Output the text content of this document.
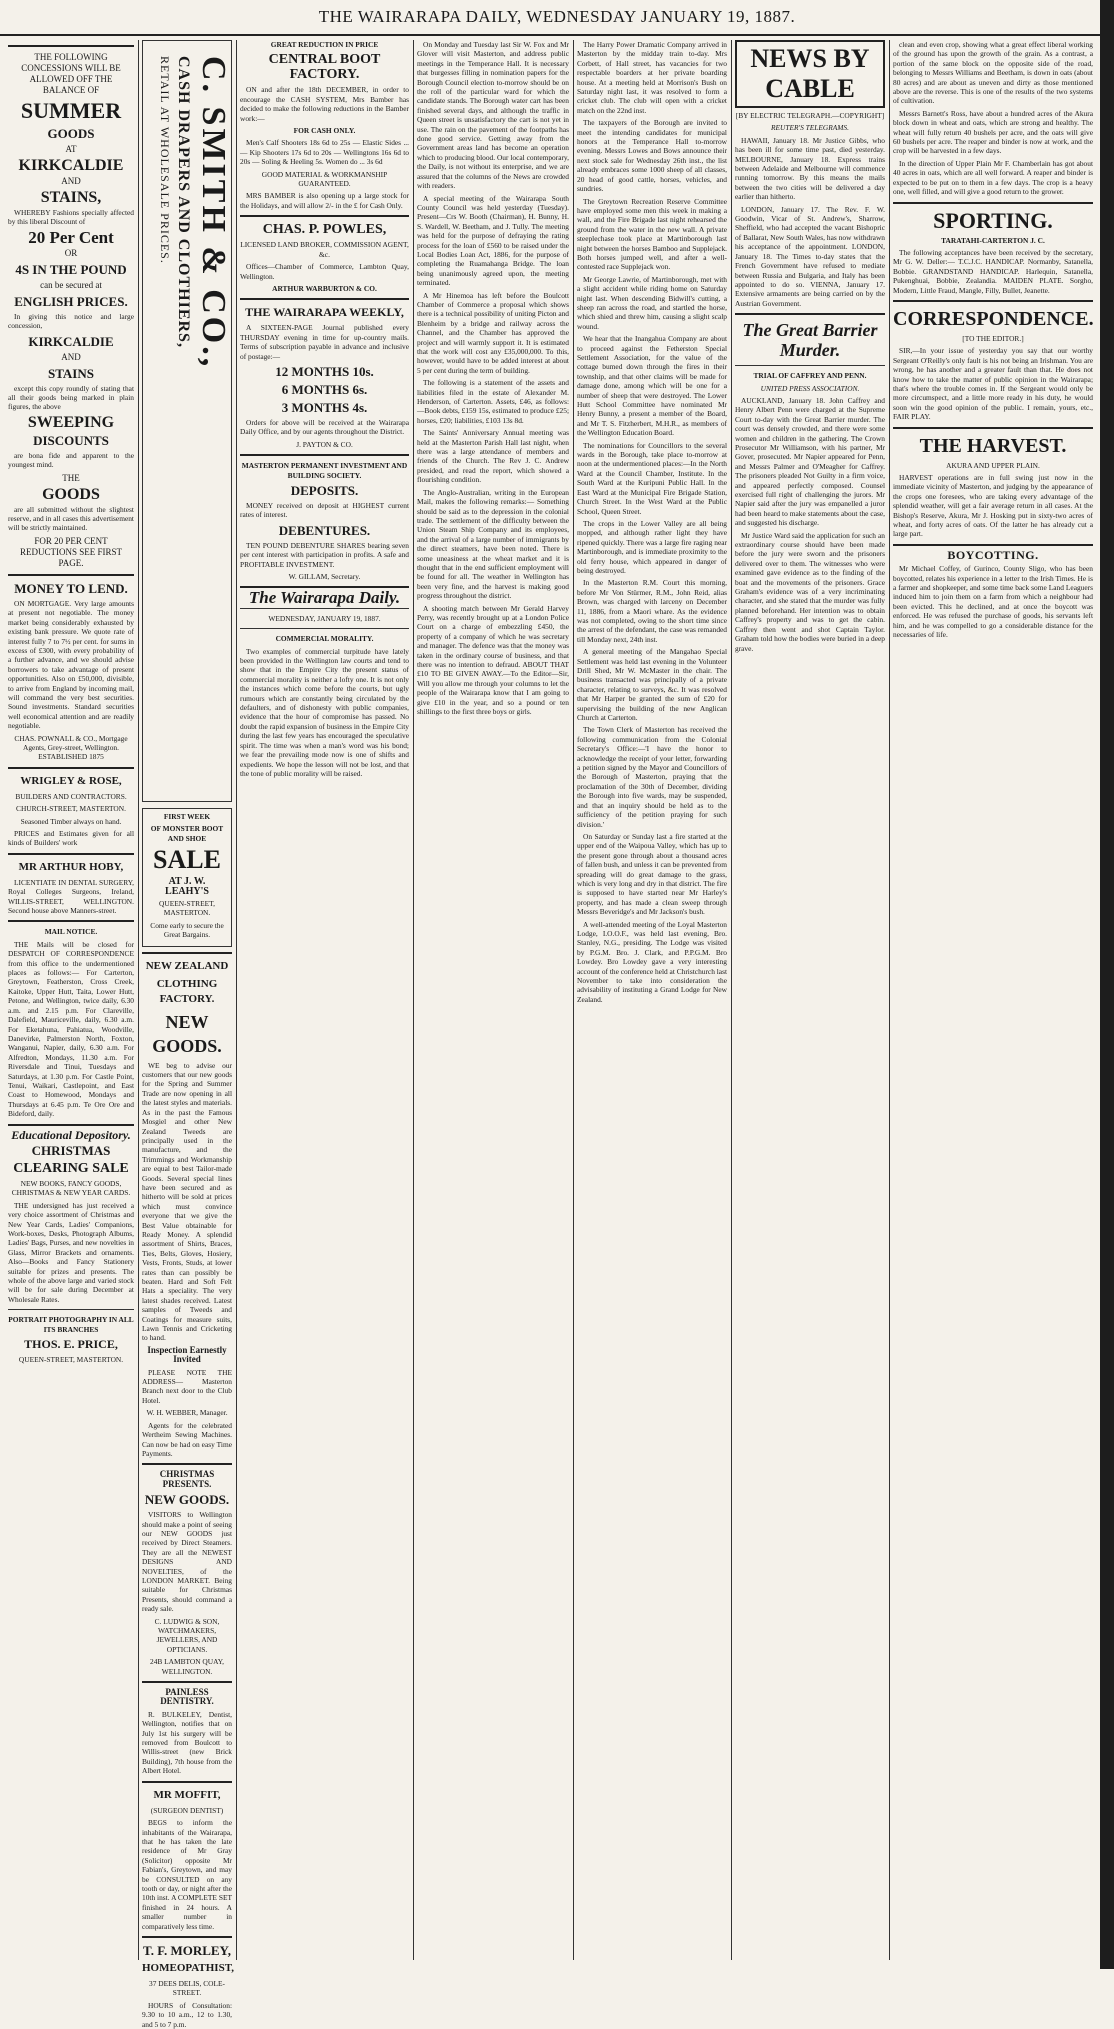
THE WAIRARAPA DAILY, WEDNESDAY JANUARY 19, 1887.

THE FOLLOWING CONCESSIONS WILL BE ALLOWED OFF THE BALANCE OF

SUMMER

GOODS

AT

KIRKCALDIE

AND

STAINS,

WHEREBY Fashions specially affected by this liberal Discount of

20 Per Cent

OR

4S IN THE POUND

can be secured at

ENGLISH PRICES.

In giving this notice and large concession,

KIRKCALDIE

AND

STAINS

except this copy roundly of stating that all their goods being marked in plain figures, the above

SWEEPING

DISCOUNTS

are bona fide and apparent to the youngest mind.

THE

GOODS

are all submitted without the slightest reserve, and in all cases this advertisement will be strictly maintained.

FOR 20 PER CENT REDUCTIONS SEE FIRST PAGE.

MONEY TO LEND.

ON MORTGAGE. Very large amounts at present not negotiable. The money market being considerably exhausted by existing bank pressure. We quote rate of interest fully 7 to 7½ per cent. for sums in excess of £300, with every probability of a further advance, and we should advise borrowers to take advantage of present opportunities. Also on £50,000, divisible, to arrive from England by incoming mail, will command the very best securities. Sound investments. Standard securities well economical attention and are readily negotiable.

CHAS. POWNALL & CO., Mortgage Agents, Grey-street, Wellington. ESTABLISHED 1875

WRIGLEY & ROSE,

BUILDERS AND CONTRACTORS.

CHURCH-STREET, MASTERTON.

Seasoned Timber always on hand.

PRICES and Estimates given for all kinds of Builders' work

MR ARTHUR HOBY,

LICENTIATE IN DENTAL SURGERY, Royal Colleges Surgeons, Ireland, WILLIS-STREET, WELLINGTON. Second house above Manners-street.

MAIL NOTICE.

THE Mails will be closed for DESPATCH OF CORRESPONDENCE from this office to the undermentioned places as follows:— For Carterton, Greytown, Featherston, Cross Creek, Kaitoke, Upper Hutt, Taita, Lower Hutt, Petone, and Wellington, twice daily, 6.30 a.m. and 2.15 p.m. For Clareville, Dalefield, Mauriceville, daily, 6.30 a.m. For Eketahuna, Pahiatua, Woodville, Danevirke, Palmerston North, Foxton, Wanganui, Napier, daily, 6.30 a.m. For Alfredton, Mondays, 11.30 a.m. For Riversdale and Tinui, Tuesdays and Saturdays, at 1.30 p.m. For Castle Point, Tenui, Waikari, Castlepoint, and East Coast to Homewood, Mondays and Thursdays at 6.45 p.m. Te Ore Ore and Bideford, daily.

Educational Depository.

CHRISTMAS

CLEARING SALE

NEW BOOKS, FANCY GOODS, CHRISTMAS & NEW YEAR CARDS.

THE undersigned has just received a very choice assortment of Christmas and New Year Cards, Ladies' Companions, Work-boxes, Desks, Photograph Albums, Ladies' Bags, Purses, and new novelties in Glass, Mirror Brackets and ornaments. Also—Books and Fancy Stationery suitable for prizes and presents. The whole of the above large and varied stock will be for sale during December at Wholesale Rates.

PORTRAIT PHOTOGRAPHY IN ALL ITS BRANCHES

THOS. E. PRICE,

QUEEN-STREET, MASTERTON.

C. SMITH & CO.,
CASH DRAPERS AND CLOTHIERS,
RETAIL AT WHOLESALE PRICES.

FIRST WEEK

OF MONSTER BOOT AND SHOE

SALE

AT J. W. LEAHY'S

QUEEN-STREET, MASTERTON.

Come early to secure the Great Bargains.

NEW ZEALAND

CLOTHING FACTORY.

NEW GOODS.

WE beg to advise our customers that our new goods for the Spring and Summer Trade are now opening in all the latest styles and materials. As in the past the Famous Mosgiel and other New Zealand Tweeds are principally used in the manufacture, and the Trimmings and Workmanship are equal to best Tailor-made Goods. Several special lines have been secured and as hitherto will be sold at prices which must convince everyone that we give the Best Value obtainable for Ready Money. A splendid assortment of Shirts, Braces, Ties, Belts, Gloves, Hosiery, Vests, Fronts, Studs, at lower rates than can possibly be beaten. Hard and Soft Felt Hats a speciality. The very latest shades received. Latest samples of Tweeds and Coatings for measure suits, Lawn Tennis and Cricketing to hand.

Inspection Earnestly Invited

PLEASE NOTE THE ADDRESS— Masterton Branch next door to the Club Hotel.

W. H. WEBBER, Manager.

Agents for the celebrated Wertheim Sewing Machines. Can now be had on easy Time Payments.

CHRISTMAS PRESENTS.

NEW GOODS.

VISITORS to Wellington should make a point of seeing our NEW GOODS just received by Direct Steamers. They are all the NEWEST DESIGNS AND NOVELTIES, of the LONDON MARKET. Being suitable for Christmas Presents, should command a ready sale.

C. LUDWIG & SON, WATCHMAKERS, JEWELLERS, AND OPTICIANS.

24B LAMBTON QUAY, WELLINGTON.

PAINLESS DENTISTRY.

R. BULKELEY, Dentist, Wellington, notifies that on July 1st his surgery will be removed from Boulcott to Willis-street (new Brick Building), 7th house from the Albert Hotel.

MR MOFFIT,

(SURGEON DENTIST)

BEGS to inform the inhabitants of the Wairarapa, that he has taken the late residence of Mr Gray (Solicitor) opposite Mr Fabian's, Greytown, and may be CONSULTED on any tooth or day, or night after the 10th inst. A COMPLETE SET finished in 24 hours. A smaller number in comparatively less time.

T. F. MORLEY,

HOMEOPATHIST,

37 DEES DELIS, COLE-STREET.

HOURS of Consultation: 9.30 to 10 a.m., 12 to 1.30, and 5 to 7 p.m.

GREAT REDUCTION IN PRICE

CENTRAL BOOT FACTORY.

ON and after the 18th DECEMBER, in order to encourage the CASH SYSTEM, Mrs Bamber has decided to make the following reductions in the Bamber work:—

FOR CASH ONLY.

Men's Calf Shooters 18s 6d to 25s — Elastic Sides ... — Kip Shooters 17s 6d to 20s — Wellingtons 16s 6d to 20s — Soling & Heeling 5s. Women do ... 3s 6d

GOOD MATERIAL & WORKMANSHIP GUARANTEED.

MRS BAMBER is also opening up a large stock for the Holidays, and will allow 2/- in the £ for Cash Only.

CHAS. P. POWLES,

LICENSED LAND BROKER, COMMISSION AGENT, &c.

Offices—Chamber of Commerce, Lambton Quay, Wellington.

ARTHUR WARBURTON & CO.

THE WAIRARAPA WEEKLY,

A SIXTEEN-PAGE Journal published every THURSDAY evening in time for up-country mails. Terms of subscription payable in advance and inclusive of postage:—

12 MONTHS 10s.

6 MONTHS 6s.

3 MONTHS 4s.

Orders for above will be received at the Wairarapa Daily Office, and by our agents throughout the District.

J. PAYTON & CO.

MASTERTON PERMANENT INVESTMENT AND BUILDING SOCIETY.

DEPOSITS.

MONEY received on deposit at HIGHEST current rates of interest.

DEBENTURES.

TEN POUND DEBENTURE SHARES bearing seven per cent interest with participation in profits. A safe and PROFITABLE INVESTMENT.

W. GILLAM, Secretary.

The Wairarapa Daily.

WEDNESDAY, JANUARY 19, 1887.

COMMERCIAL MORALITY.

Two examples of commercial turpitude have lately been provided in the Wellington law courts and tend to show that in the Empire City the present status of commercial morality is neither a lofty one. It is not only the instances which come before the courts, but ugly rumours which are constantly being circulated by the defaulters, and of dishonesty with public companies, evidence that the hour of compromise has passed. No doubt the rapid expansion of business in the Empire City during the last few years has encouraged the speculative spirit. The time was when a man's word was his bond; we fear the prevailing mode now is one of shifts and expedients. We hope the lesson will not be lost, and that the tone of public morality will be raised.

On Monday and Tuesday last Sir W. Fox and Mr Glover will visit Masterton, and address public meetings in the Temperance Hall. It is necessary that burgesses filling in nomination papers for the Borough Council election to-morrow should be on the roll of the particular ward for which the candidate stands. The Borough water cart has been finished several days, and although the traffic in Queen street is unsatisfactory the cart is not yet in use. The rain on the pavement of the footpaths has done good service. Getting away from the Government areas land has become an operation which to producing blood. Our local contemporary, the Daily, is not without its enterprise, and we are assured that the columns of the News are crowded with readers.

A special meeting of the Wairarapa South County Council was held yesterday (Tuesday). Present—Crs W. Booth (Chairman), H. Bunny, H. S. Wardell, W. Beetham, and J. Tully. The meeting was held for the purpose of defraying the rating process for the loan of £560 to be raised under the Local Bodies Loan Act, 1886, for the purpose of completing the Ruamahanga Bridge. The loan being unanimously agreed upon, the meeting terminated.

A Mr Hinemoa has left before the Boulcott Chamber of Commerce a proposal which shows there is a technical possibility of uniting Picton and Blenheim by a bridge and railway across the Channel, and the Chamber has approved the project and will warmly support it. It is estimated that the work will cost any £35,000,000. To this, however, would have to be added interest at about 5 per cent during the term of building.

The following is a statement of the assets and liabilities filed in the estate of Alexander M. Henderson, of Carterton. Assets, £46, as follows:—Book debts, £159 15s, estimated to produce £25; horses, £20; liabilities, £103 13s 8d.

The Saints' Anniversary Annual meeting was held at the Masterton Parish Hall last night, when there was a large attendance of members and friends of the Church. The Rev J. C. Andrew presided, and read the report, which showed a flourishing condition.

The Anglo-Australian, writing in the European Mail, makes the following remarks:— Something should be said as to the depression in the colonial trade. The settlement of the difficulty between the Union Steam Ship Company and its employees, and the arrival of a large number of immigrants by the direct steamers, have been noted. There is some uneasiness at the wheat market and it is thought that in the end sufficient employment will be found for all. The weather in Wellington has been very fine, and the harvest is making good progress throughout the district.

A shooting match between Mr Gerald Harvey Perry, was recently brought up at a London Police Court on a charge of embezzling £450, the property of a company of which he was secretary and manager. The defence was that the money was taken in the ordinary course of business, and that there was no intention to defraud. ABOUT THAT £10 TO BE GIVEN AWAY.—To the Editor—Sir, Will you allow me through your columns to let the people of the Wairarapa know that I am going to give £10 in the year, and so a pound or ten shillings to the first three boys or girls.

The Harry Power Dramatic Company arrived in Masterton by the midday train to-day. Mrs Corbett, of Hall street, has vacancies for two respectable boarders at her private boarding house. At a meeting held at Morrison's Bush on Saturday night last, it was resolved to form a cricket club. The club will open with a cricket match on the 22nd inst.

The taxpayers of the Borough are invited to meet the intending candidates for municipal honors at the Temperance Hall to-morrow evening. Messrs Lowes and Bows announce their next stock sale for Wednesday 26th inst., the list already embraces some 1000 sheep of all classes, 20 head of good cattle, horses, vehicles, and sundries.

The Greytown Recreation Reserve Committee have employed some men this week in making a wall, and the Fire Brigade last night rehearsed the ground from the water in the new wall. A private steeplechase took place at Martinborough last night between the horses Bamboo and Supplejack. Both horses jumped well, and after a well-contested race Supplejack won.

Mr George Lawrie, of Martinborough, met with a slight accident while riding home on Saturday night last. When descending Bidwill's cutting, a sheep ran across the road, and startled the horse, which shied and threw him, causing a slight scalp wound.

We hear that the Inangahua Company are about to proceed against the Fetherston Special Settlement Association, for the value of the cottage bumed down through the fires in their township, and that other claims will be made for damage done, among which will be one for a number of sheep that were destroyed. The Lower Hutt School Committee have nominated Mr Henry Bunny, a present a member of the Board, and Mr T. S. Fitzherbert, M.H.R., as members of the Wellington Education Board.

The nominations for Councillors to the several wards in the Borough, take place to-morrow at noon at the undermentioned places:—In the North Ward at the Council Chamber, Institute. In the South Ward at the Kuripuni Public Hall. In the East Ward at the Municipal Fire Brigade Station, Church Street. In the West Ward at the Public School, Queen Street.

The crops in the Lower Valley are all being mopped, and although rather light they have ripened quickly. There was a large fire raging near Martinborough, and is immediate proximity to the old ferry house, which appeared in danger of being destroyed.

In the Masterton R.M. Court this morning, before Mr Von Stürmer, R.M., John Reid, alias Brown, was charged with larceny on December 11, 1886, from a Maori whare. As the evidence was not completed, owing to the short time since the arrest of the defendant, the case was remanded till Monday next, 24th inst.

A general meeting of the Mangahao Special Settlement was held last evening in the Volunteer Drill Shed, Mr W. McMaster in the chair. The business transacted was principally of a private character, relating to surveys, &c. It was resolved that Mr Harper be granted the sum of £20 for supervising the building of the new Anglican Church at Carterton.

The Town Clerk of Masterton has received the following communication from the Colonial Secretary's Office:—'I have the honor to acknowledge the receipt of your letter, forwarding a petition signed by the Mayor and Councillors of the Borough of Masterton, praying that the proclamation of the 30th of December, dividing the Borough into five wards, may be suspended, and that an inquiry should be held as to the sufficiency of the petition praying for such division.'

On Saturday or Sunday last a fire started at the upper end of the Waipoua Valley, which has up to the present gone through about a thousand acres of fallen bush, and unless it can be prevented from spreading will do great damage to the grass, which is very long and dry in that district. The fire is supposed to have started near Mr Harley's property, and has made a clean sweep through Messrs Beveridge's and Mr Jackson's bush.

A well-attended meeting of the Loyal Masterton Lodge, I.O.O.F., was held last evening, Bro. Stanley, N.G., presiding. The Lodge was visited by P.G.M. Bro. J. Clark, and P.P.G.M. Bro Lowdey. Bro Lowdey gave a very interesting account of the conference held at Christchurch last November to take into consideration the advisability of instituting a Grand Lodge for New Zealand.

NEWS BY CABLE

[BY ELECTRIC TELEGRAPH.—COPYRIGHT]

REUTER'S TELEGRAMS.

HAWAII, January 18. Mr Justice Gibbs, who has been ill for some time past, died yesterday. MELBOURNE, January 18. Express trains between Adelaide and Melbourne will commence running tomorrow. By this means the mails between the two cities will be delivered a day earlier than hitherto.

LONDON, January 17. The Rev. F. W. Goodwin, Vicar of St. Andrew's, Sharrow, Sheffield, who had accepted the vacant Bishopric of Ballarat, New South Wales, has now withdrawn his acceptance of the appointment. LONDON, January 18. The Times to-day states that the French Government have refused to mediate between Russia and Bulgaria, and Italy has been appointed to do so. VIENNA, January 17. Extensive armaments are being carried on by the Austrian Government.

The Great Barrier Murder.

TRIAL OF CAFFREY AND PENN.

UNITED PRESS ASSOCIATION.

AUCKLAND, January 18. John Caffrey and Henry Albert Penn were charged at the Supreme Court to-day with the Great Barrier murder. The court was densely crowded, and there were some women and children in the gathering. The Crown Prosecutor Mr Williamson, with his partner, Mr Gover, prosecuted. Mr Napier appeared for Penn, and Messrs Palmer and O'Meagher for Caffrey. The prisoners pleaded Not Guilty in a firm voice, and appeared perfectly composed. Counsel exercised full right of challenging the jurors. Mr Napier said after the jury was empanelled a juror had been heard to make statements about the case, and suggested his discharge.

Mr Justice Ward said the application for such an extraordinary course should have been made before the jury were sworn and the prisoners delivered over to them. The witnesses who were examined gave evidence as to the finding of the boat and the movements of the prisoners. Grace Graham's evidence was of a very incriminating character, and she stated that the murder was fully planned beforehand. Her intention was to obtain Caffrey's property and was to get the cabin. Caffrey then went and shot Captain Taylor. Graham told how the bodies were buried in a deep grave.

clean and even crop, showing what a great effect liberal working of the ground has upon the growth of the grain. As a contrast, a portion of the same block on the opposite side of the road, belonging to Messrs Williams and Beetham, is down in oats (about 80 acres) and are about as uneven and dirty as those mentioned above are the reverse. This is one of the results of the two systems of cultivation.

Messrs Barnett's Ross, have about a hundred acres of the Akura block down in wheat and oats, which are strong and healthy. The wheat will fully return 40 bushels per acre, and the oats will give 60 bushels per acre. The reaper and binder is now at work, and the crop will be harvested in a few days.

In the direction of Upper Plain Mr F. Chamberlain has got about 40 acres in oats, which are all well forward. A reaper and binder is expected to be put on to them in a few days. The crop is a heavy one, well filled, and will give a good return to the grower.

SPORTING.

TARATAHI-CARTERTON J. C.

The following acceptances have been received by the secretary, Mr G. W. Deller:— T.C.J.C. HANDICAP. Normanby, Satanella, Bobbie. GRANDSTAND HANDICAP. Harlequin, Satanella, Pukenghuai, Bobbie, Zealandia. MAIDEN PLATE. Sorgho, Modern, Little Fraud, Mangle, Filly, Bullet, Jeanette.

CORRESPONDENCE.

[TO THE EDITOR.]

SIR,—In your issue of yesterday you say that our worthy Sergeant O'Reilly's only fault is his not being an Irishman. You are wrong, he has another and a greater fault than that. He does not know how to take the matter of public opinion in the Wairarapa; that's where the trouble comes in. If the Sergeant would only be more circumspect, and a little more ready in his duty, he would soon win the good opinion of the public. I remain, yours, etc., FAIR PLAY.

THE HARVEST.

AKURA AND UPPER PLAIN.

HARVEST operations are in full swing just now in the immediate vicinity of Masterton, and judging by the appearance of the crops one foresees, who are taking every advantage of the splendid weather, will get a fair average return in all cases. At the Bishop's Reserve, Akura, Mr J. Hosking put in sixty-two acres of wheat, and forty acres of oats. Of the latter he has already cut a large part.

BOYCOTTING.

Mr Michael Coffey, of Gurinco, County Sligo, who has been boycotted, relates his experience in a letter to the Irish Times. He is a farmer and shopkeeper, and some time back some Land Leaguers induced him to join them on a farm from which a neighbour had been evicted. This he declined, and at once the boycott was enforced. He was refused the purchase of goods, his servants left him, and he was compelled to go a considerable distance for the necessaries of life.
